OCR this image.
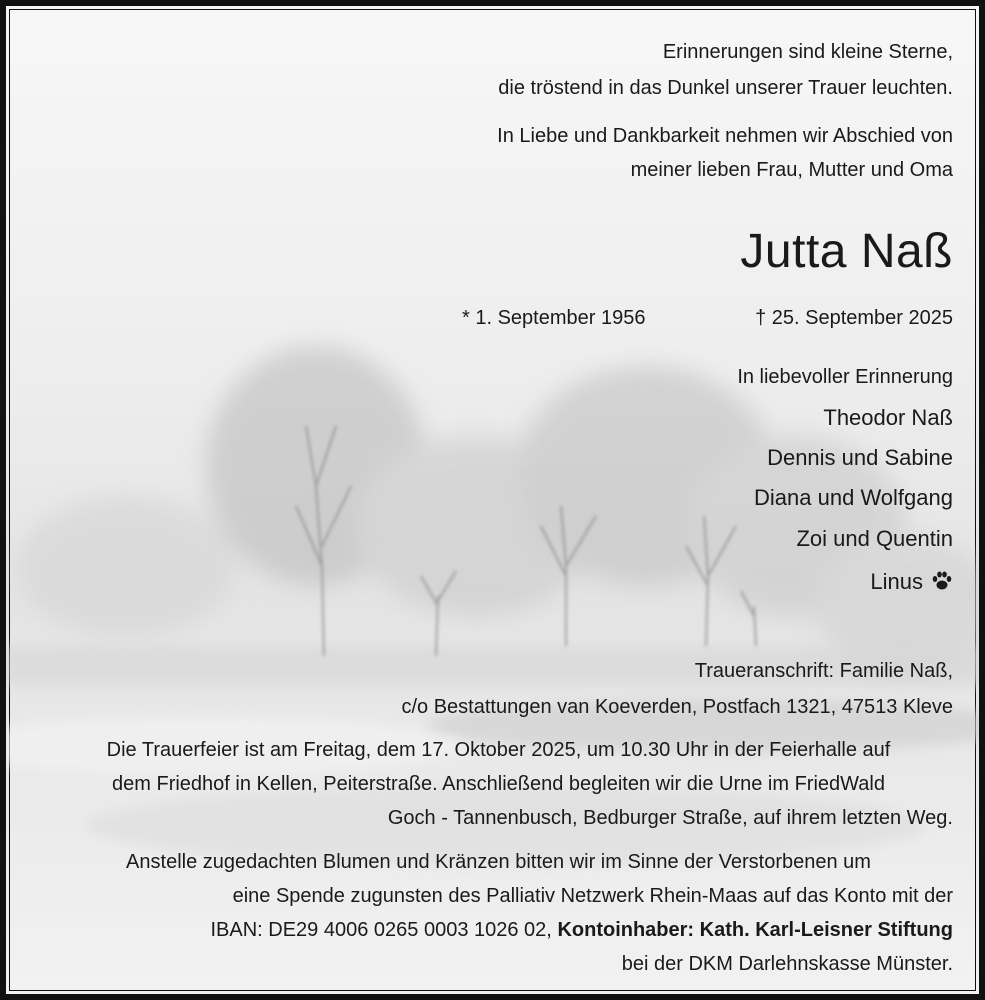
Erinnerungen sind kleine Sterne,
die tröstend in das Dunkel unserer Trauer leuchten.
In Liebe und Dankbarkeit nehmen wir Abschied von
meiner lieben Frau, Mutter und Oma
Jutta Naß
* 1. September 1956	† 25. September 2025
In liebevoller Erinnerung
Theodor Naß
Dennis und Sabine
Diana und Wolfgang
Zoi und Quentin
Linus
Traueranschrift: Familie Naß,
c/o Bestattungen van Koeverden, Postfach 1321, 47513 Kleve
Die Trauerfeier ist am Freitag, dem 17. Oktober 2025, um 10.30 Uhr in der Feierhalle auf
dem Friedhof in Kellen, Peiterstraße. Anschließend begleiten wir die Urne im FriedWald
Goch - Tannenbusch, Bedburger Straße, auf ihrem letzten Weg.
Anstelle zugedachten Blumen und Kränzen bitten wir im Sinne der Verstorbenen um
eine Spende zugunsten des Palliativ Netzwerk Rhein-Maas auf das Konto mit der
IBAN: DE29 4006 0265 0003 1026 02, Kontoinhaber: Kath. Karl-Leisner Stiftung
bei der DKM Darlehnskasse Münster.
